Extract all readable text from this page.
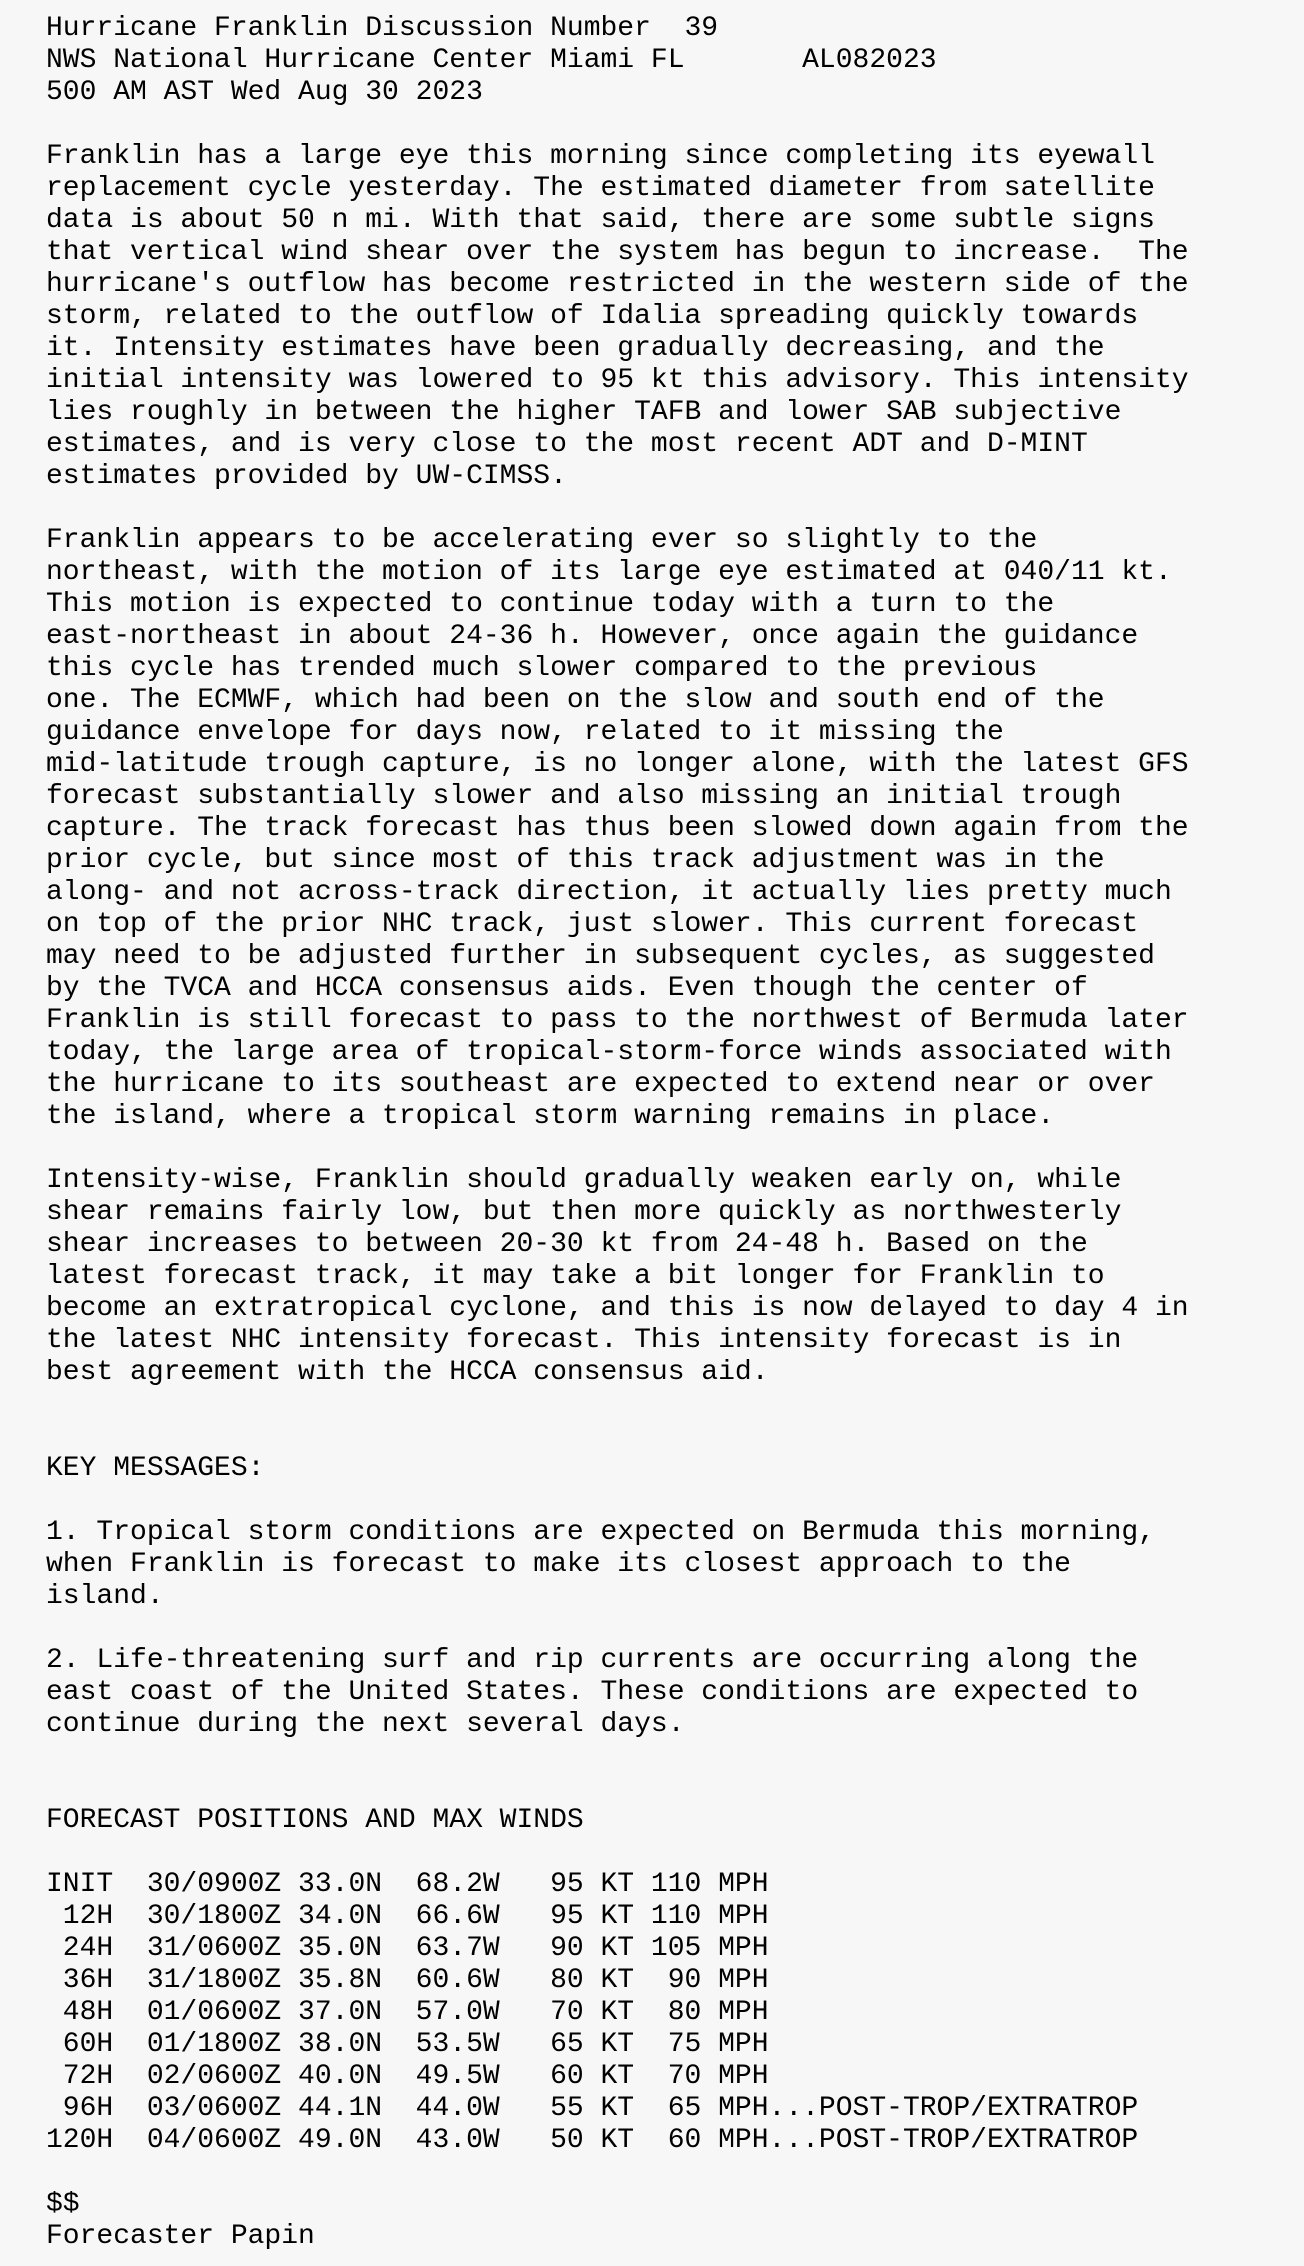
Hurricane Franklin Discussion Number  39
NWS National Hurricane Center Miami FL       AL082023
500 AM AST Wed Aug 30 2023
Franklin has a large eye this morning since completing its eyewall
replacement cycle yesterday. The estimated diameter from satellite
data is about 50 n mi. With that said, there are some subtle signs
that vertical wind shear over the system has begun to increase.  The
hurricane's outflow has become restricted in the western side of the
storm, related to the outflow of Idalia spreading quickly towards
it. Intensity estimates have been gradually decreasing, and the
initial intensity was lowered to 95 kt this advisory. This intensity
lies roughly in between the higher TAFB and lower SAB subjective
estimates, and is very close to the most recent ADT and D-MINT
estimates provided by UW-CIMSS.
Franklin appears to be accelerating ever so slightly to the
northeast, with the motion of its large eye estimated at 040/11 kt.
This motion is expected to continue today with a turn to the
east-northeast in about 24-36 h. However, once again the guidance
this cycle has trended much slower compared to the previous
one. The ECMWF, which had been on the slow and south end of the
guidance envelope for days now, related to it missing the
mid-latitude trough capture, is no longer alone, with the latest GFS
forecast substantially slower and also missing an initial trough
capture. The track forecast has thus been slowed down again from the
prior cycle, but since most of this track adjustment was in the
along- and not across-track direction, it actually lies pretty much
on top of the prior NHC track, just slower. This current forecast
may need to be adjusted further in subsequent cycles, as suggested
by the TVCA and HCCA consensus aids. Even though the center of
Franklin is still forecast to pass to the northwest of Bermuda later
today, the large area of tropical-storm-force winds associated with
the hurricane to its southeast are expected to extend near or over
the island, where a tropical storm warning remains in place.
Intensity-wise, Franklin should gradually weaken early on, while
shear remains fairly low, but then more quickly as northwesterly
shear increases to between 20-30 kt from 24-48 h. Based on the
latest forecast track, it may take a bit longer for Franklin to
become an extratropical cyclone, and this is now delayed to day 4 in
the latest NHC intensity forecast. This intensity forecast is in
best agreement with the HCCA consensus aid.
KEY MESSAGES:
1. Tropical storm conditions are expected on Bermuda this morning,
when Franklin is forecast to make its closest approach to the
island.
2. Life-threatening surf and rip currents are occurring along the
east coast of the United States. These conditions are expected to
continue during the next several days.
FORECAST POSITIONS AND MAX WINDS
INIT  30/0900Z 33.0N  68.2W   95 KT 110 MPH
12H  30/1800Z 34.0N  66.6W   95 KT 110 MPH
24H  31/0600Z 35.0N  63.7W   90 KT 105 MPH
36H  31/1800Z 35.8N  60.6W   80 KT  90 MPH
48H  01/0600Z 37.0N  57.0W   70 KT  80 MPH
60H  01/1800Z 38.0N  53.5W   65 KT  75 MPH
72H  02/0600Z 40.0N  49.5W   60 KT  70 MPH
96H  03/0600Z 44.1N  44.0W   55 KT  65 MPH...POST-TROP/EXTRATROP
120H  04/0600Z 49.0N  43.0W   50 KT  60 MPH...POST-TROP/EXTRATROP
$$
Forecaster Papin
